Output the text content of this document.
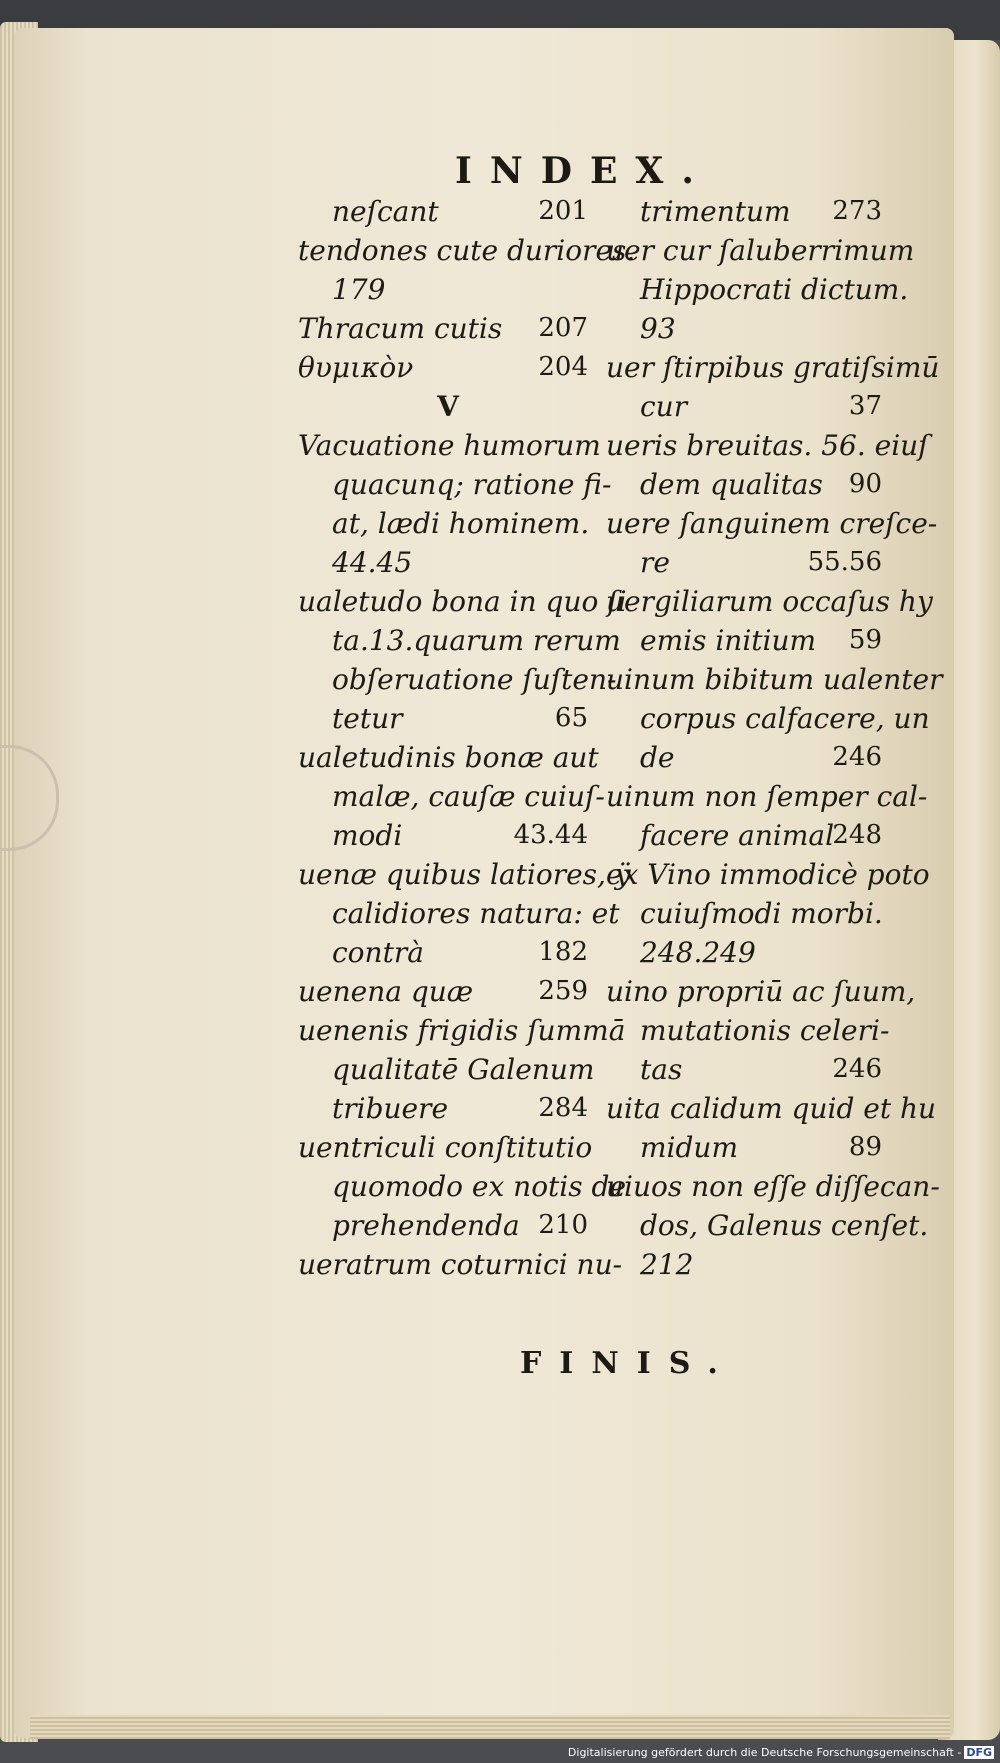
INDEX.
neſcant	201
tendones cute duriores.
179
Thracum cutis 207
θυμικὸν	204
V
Vacuatione humorum
quacunq; ratione fi-
at, lædi hominem.
44.45
ualetudo bona in quo ſi
ta.13.quarum rerum
obſeruatione ſuſten-
tetur	65
ualetudinis bonæ aut
malæ, cauſæ cuiuſ-
modi	43.44
uenæ quibus latiores, ÿ
calidiores natura: et
contrà	182
uenena quæ	259
uenenis frigidis ſummā
qualitatē Galenum
tribuere	284
uentriculi conſtitutio
quomodo ex notis de
prehendenda 210
ueratrum coturnici nu-
trimentum 273
uer cur ſaluberrimum
Hippocrati dictum.
93
uer ſtirpibus gratiſsimū
cur	37
ueris breuitas. 56. eiuſ
dem qualitas 90
uere ſanguinem creſce-
re	55.56
uergiliarum occaſus hy
emis initium 59
uinum bibitum ualenter
corpus calfacere, un
de	246
uinum non ſemper cal-
facere animal
248
ex Vino immodicè poto
cuiuſmodi morbi.
248.249
uino propriū ac ſuum,
mutationis celeri-
tas	246
uita calidum quid et hu
midum	89
uiuos non eſſe diſſecan-
dos, Galenus cenſet.
212
FINIS.
Digitalisierung gefördert durch die Deutsche Forschungsgemeinschaft - DFG
